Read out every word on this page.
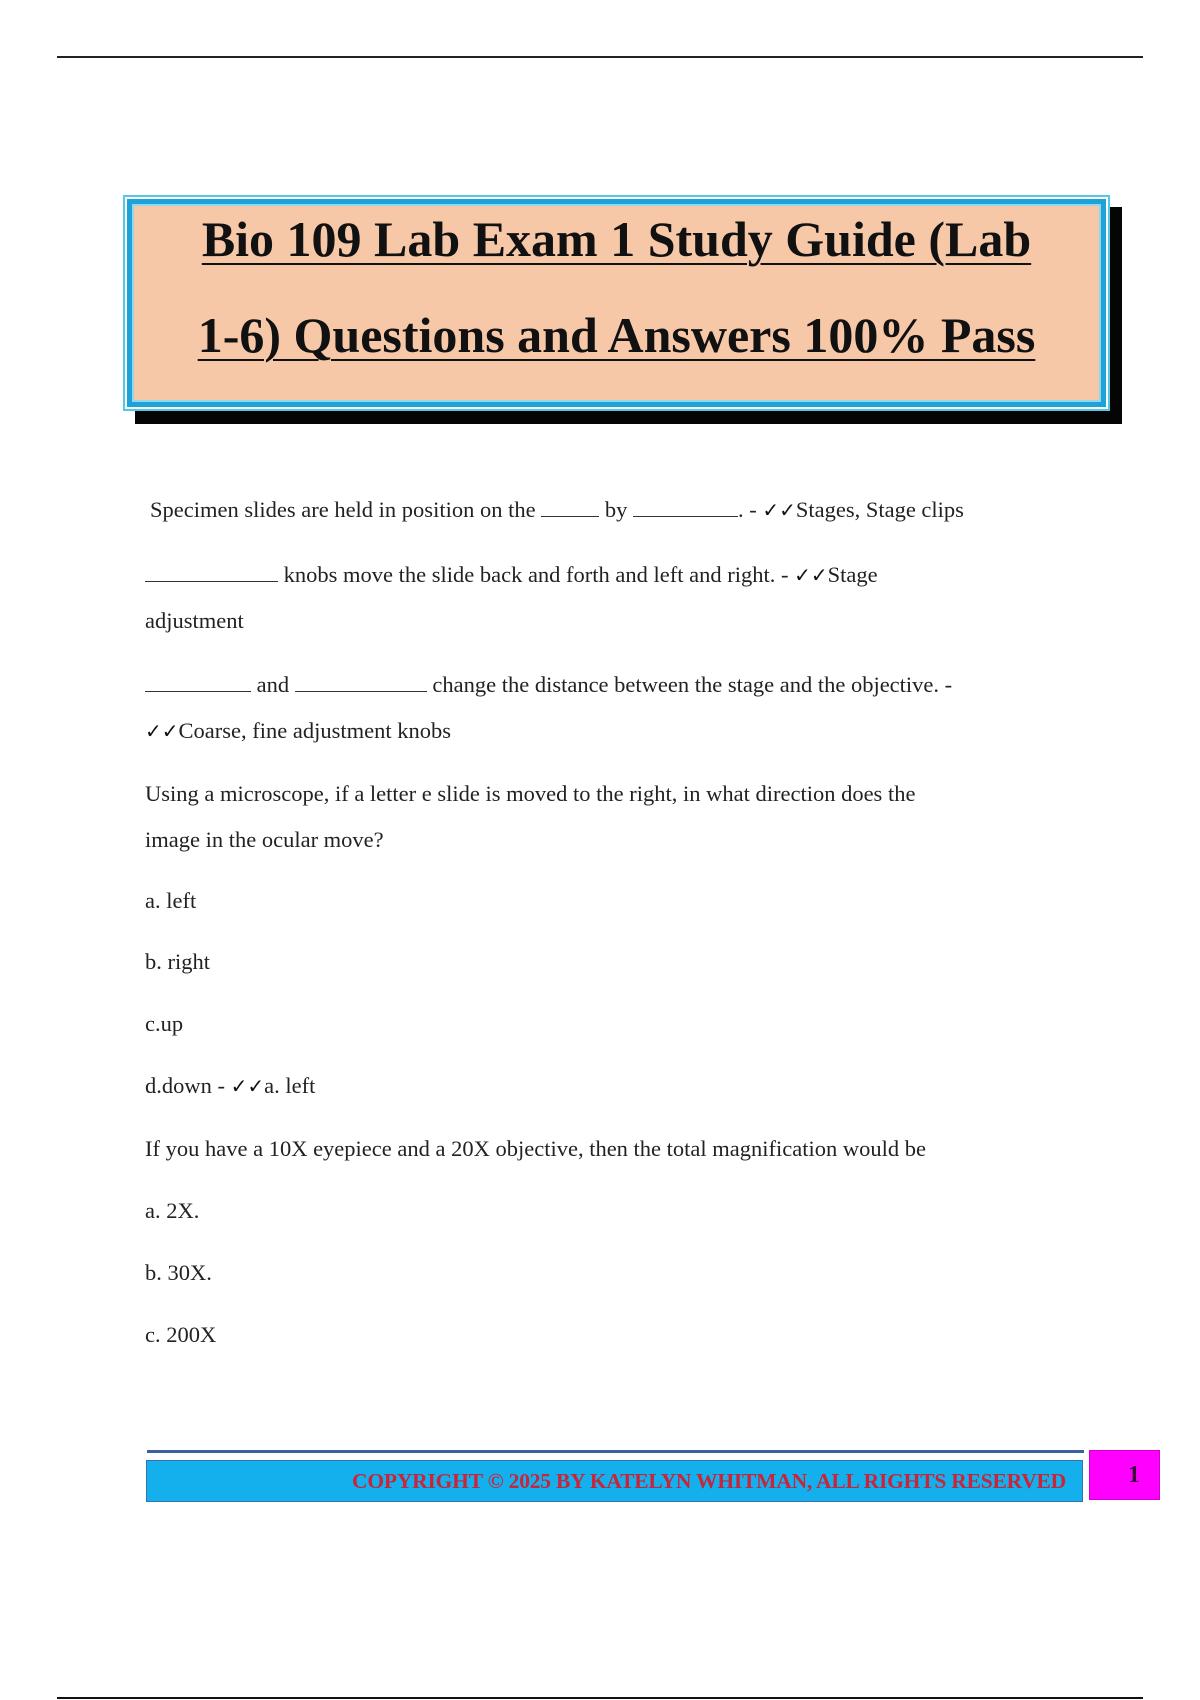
Bio 109 Lab Exam 1 Study Guide (Lab
1-6) Questions and Answers 100% Pass
Specimen slides are held in position on the	by	. - ✓✓Stages, Stage clips
knobs move the slide back and forth and left and right. - ✓✓Stage
adjustment
and	change the distance between the stage and the objective. -
✓✓Coarse, fine adjustment knobs
Using a microscope, if a letter e slide is moved to the right, in what direction does the
image in the ocular move?
a. left
b. right
c.up
d.down - ✓✓a. left
If you have a 10X eyepiece and a 20X objective, then the total magnification would be
a. 2X.
b. 30X.
c. 200X
COPYRIGHT © 2025 BY KATELYN WHITMAN, ALL RIGHTS RESERVED	1
